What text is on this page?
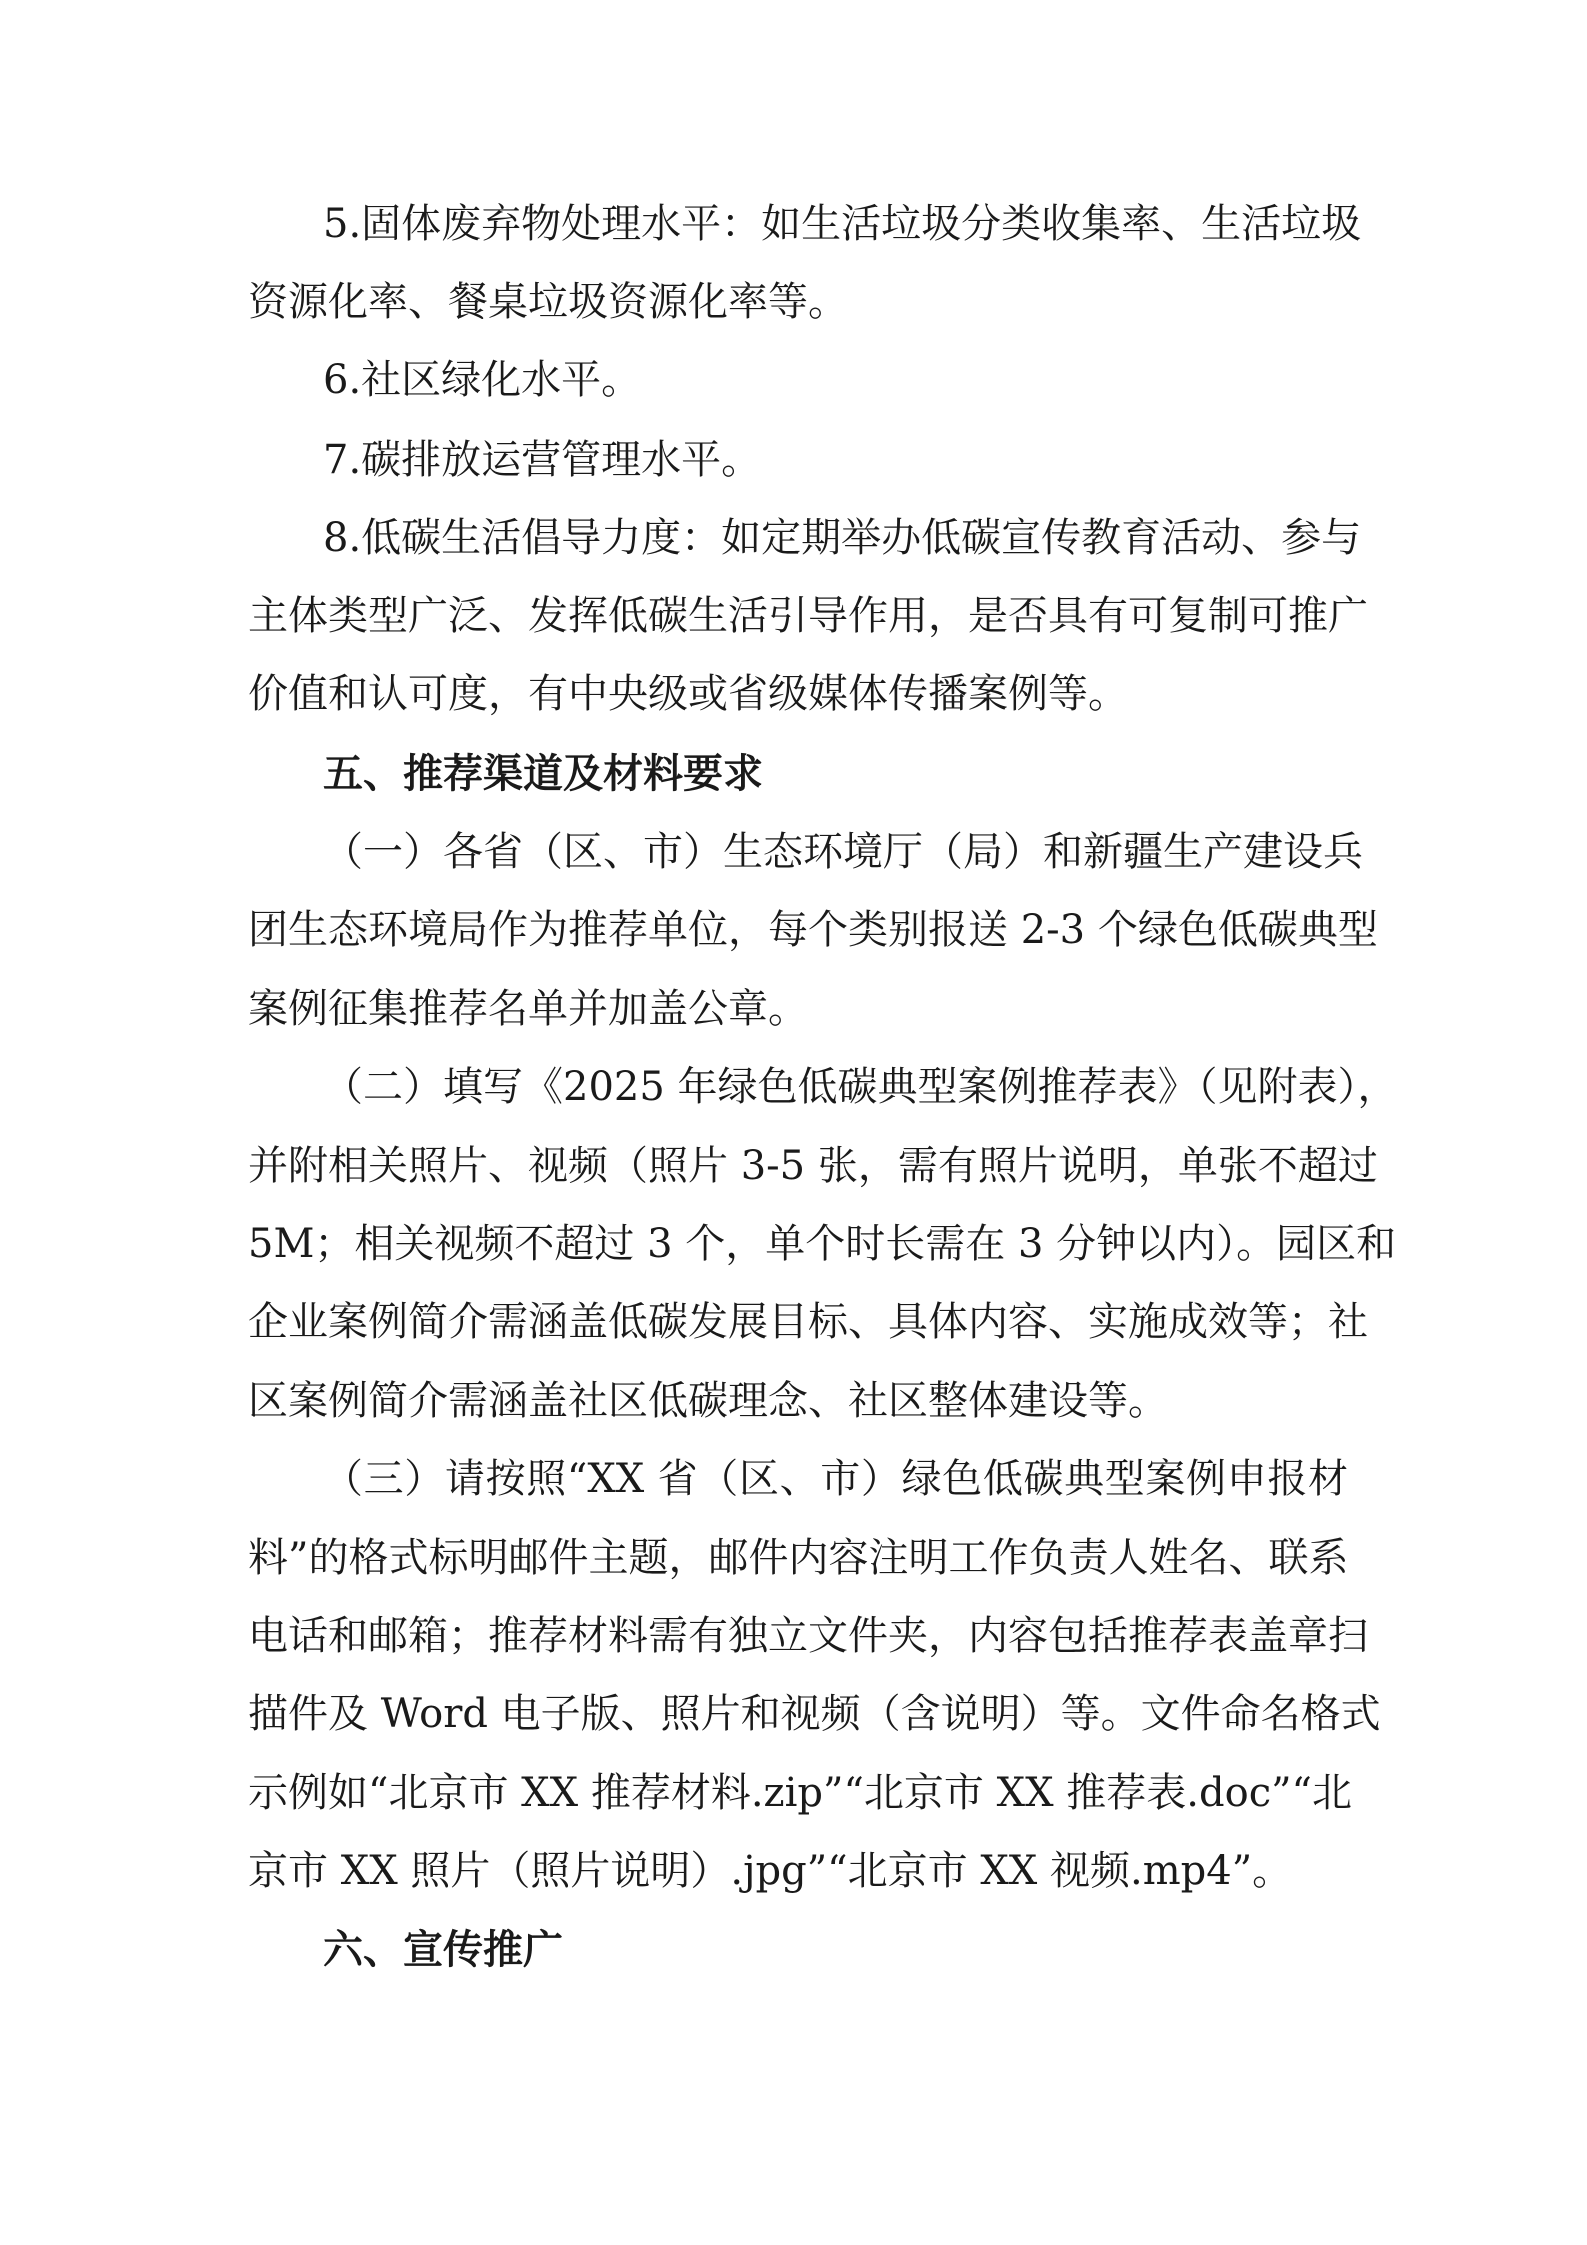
5.固体废弃物处理水平：如生活垃圾分类收集率、生活垃圾
资源化率、餐桌垃圾资源化率等。
6.社区绿化水平。
7.碳排放运营管理水平。
8.低碳生活倡导力度：如定期举办低碳宣传教育活动、参与
主体类型广泛、发挥低碳生活引导作用，是否具有可复制可推广
价值和认可度，有中央级或省级媒体传播案例等。
五、推荐渠道及材料要求
（一）各省（区、市）生态环境厅（局）和新疆生产建设兵
团生态环境局作为推荐单位，每个类别报送 2-3 个绿色低碳典型
案例征集推荐名单并加盖公章。
（二）填写《2025 年绿色低碳典型案例推荐表》（见附表），
并附相关照片、视频（照片 3-5 张，需有照片说明，单张不超过
5M；相关视频不超过 3 个，单个时长需在 3 分钟以内）。园区和
企业案例简介需涵盖低碳发展目标、具体内容、实施成效等；社
区案例简介需涵盖社区低碳理念、社区整体建设等。
（三）请按照“XX 省（区、市）绿色低碳典型案例申报材
料”的格式标明邮件主题，邮件内容注明工作负责人姓名、联系
电话和邮箱；推荐材料需有独立文件夹，内容包括推荐表盖章扫
描件及 Word 电子版、照片和视频（含说明）等。文件命名格式
示例如“北京市 XX 推荐材料.zip”“北京市 XX 推荐表.doc”“北
京市 XX 照片（照片说明）.jpg”“北京市 XX 视频.mp4”。
六、宣传推广
